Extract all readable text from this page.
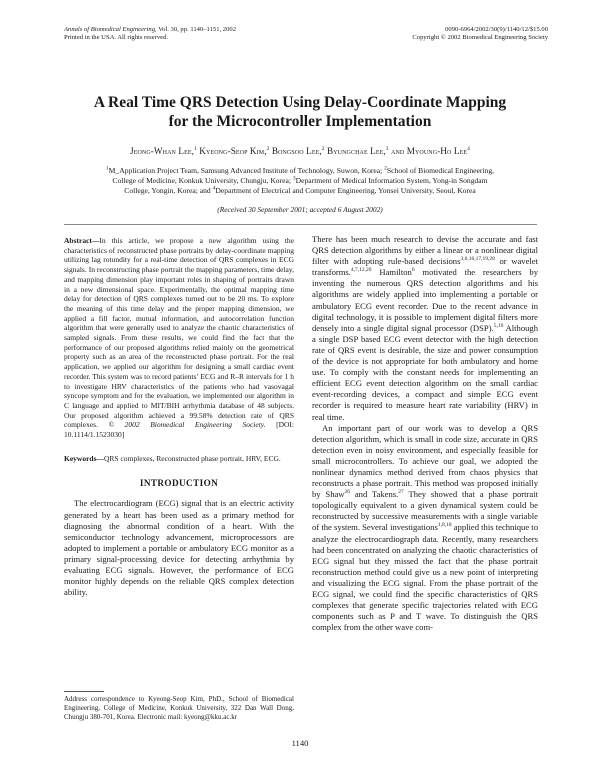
Annals of Biomedical Engineering, Vol. 30, pp. 1140–1151, 2002
Printed in the USA. All rights reserved.
0090-6964/2002/30(9)/1140/12/$15.00
Copyright © 2002 Biomedical Engineering Society
A Real Time QRS Detection Using Delay-Coordinate Mapping
for the Microcontroller Implementation
Jeong-Whan Lee,$^1$ Kyeong-Seop Kim,$^2$ Bongsoo Lee,$^2$ Byungchae Lee,$^3$ and Myoung-Ho Lee$^4$
$^1$M_Application Project Team, Samsung Advanced Institute of Technology, Suwon, Korea; $^2$School of Biomedical Engineering,
College of Medicine, Konkuk University, Chungju, Korea; $^3$Department of Medical Information System, Yong-in Songdam
College, Yongin, Korea; and $^4$Department of Electrical and Computer Engineering, Yonsei University, Seoul, Korea
(Received 30 September 2001; accepted 6 August 2002)

Abstract—In this article, we propose a new algorithm using the characteristics of reconstructed phase portraits by delay-coordinate mapping utilizing lag rotundity for a real-time detection of QRS complexes in ECG signals. In reconstructing phase portrait the mapping parameters, time delay, and mapping dimension play important roles in shaping of portraits drawn in a new dimensional space. Experimentally, the optimal mapping time delay for detection of QRS complexes turned out to be 20 ms. To explore the meaning of this time delay and the proper mapping dimension, we applied a fill factor, mutual information, and autocorrelation function algorithm that were generally used to analyze the chaotic characteristics of sampled signals. From these results, we could find the fact that the performance of our proposed algorithms relied mainly on the geometrical property such as an area of the reconstructed phase portrait. For the real application, we applied our algorithm for designing a small cardiac event recorder. This system was to record patients’ ECG and R–R intervals for 1 h to investigate HRV characteristics of the patients who had vasovagal syncope symptom and for the evaluation, we implemented our algorithm in C language and applied to MIT/BIH arrhythmia database of 48 subjects. Our proposed algorithm achieved a 99.58% detection rate of QRS complexes. © 2002 Biomedical Engineering Society. [DOI: 10.1114/1.1523030]

Keywords—QRS complexes, Reconstructed phase portrait, HRV, ECG.

INTRODUCTION

The electrocardiogram (ECG) signal that is an electric activity generated by a heart has been used as a primary method for diagnosing the abnormal condition of a heart. With the semiconductor technology advancement, microprocessors are adopted to implement a portable or ambulatory ECG monitor as a primary signal-processing device for detecting arrhythmia by evaluating ECG signals. However, the performance of ECG monitor highly depends on the reliable QRS complex detection ability.

There has been much research to devise the accurate and fast QRS detection algorithms by either a linear or a nonlinear digital filter with adopting rule-based decisions$^{3,6,16,17,19,28}$ or wavelet transforms.$^{4,7,12,20}$ Hamilton$^6$ motivated the researchers by inventing the numerous QRS detection algorithms and his algorithms are widely applied into implementing a portable or ambulatory ECG event recorder. Due to the recent advance in digital technology, it is possible to implement digital filters more densely into a single digital signal processor (DSP).$^{5,19}$ Although a single DSP based ECG event detector with the high detection rate of QRS event is desirable, the size and power consumption of the device is not appropriate for both ambulatory and home use. To comply with the constant needs for implementing an efficient ECG event detection algorithm on the small cardiac event-recording devices, a compact and simple ECG event recorder is required to measure heart rate variability (HRV) in real time.

An important part of our work was to develop a QRS detection algorithm, which is small in code size, accurate in QRS detection even in noisy environment, and especially feasible for small microcontrollers. To achieve our goal, we adopted the nonlinear dynamics method derived from chaos physics that reconstructs a phase portrait. This method was proposed initially by Shaw$^{26}$ and Takens.$^{27}$ They showed that a phase portrait topologically equivalent to a given dynamical system could be reconstructed by successive measurements with a single variable of the system. Several investigations$^{1,8,18}$ applied this technique to analyze the electrocardiograph data. Recently, many researchers had been concentrated on analyzing the chaotic characteristics of ECG signal but they missed the fact that the phase portrait reconstruction method could give us a new point of interpreting and visualizing the ECG signal. From the phase portrait of the ECG signal, we could find the specific characteristics of QRS complexes that generate specific trajectories related with ECG components such as P and T wave. To distinguish the QRS complex from the other wave com-

Address correspondence to Kyeong-Seop Kim, PhD., School of Biomedical Engineering, College of Medicine, Konkuk University, 322 Dan Wall Dong, Chungju 380-701, Korea. Electronic mail: kyeong@kku.ac.kr
1140
